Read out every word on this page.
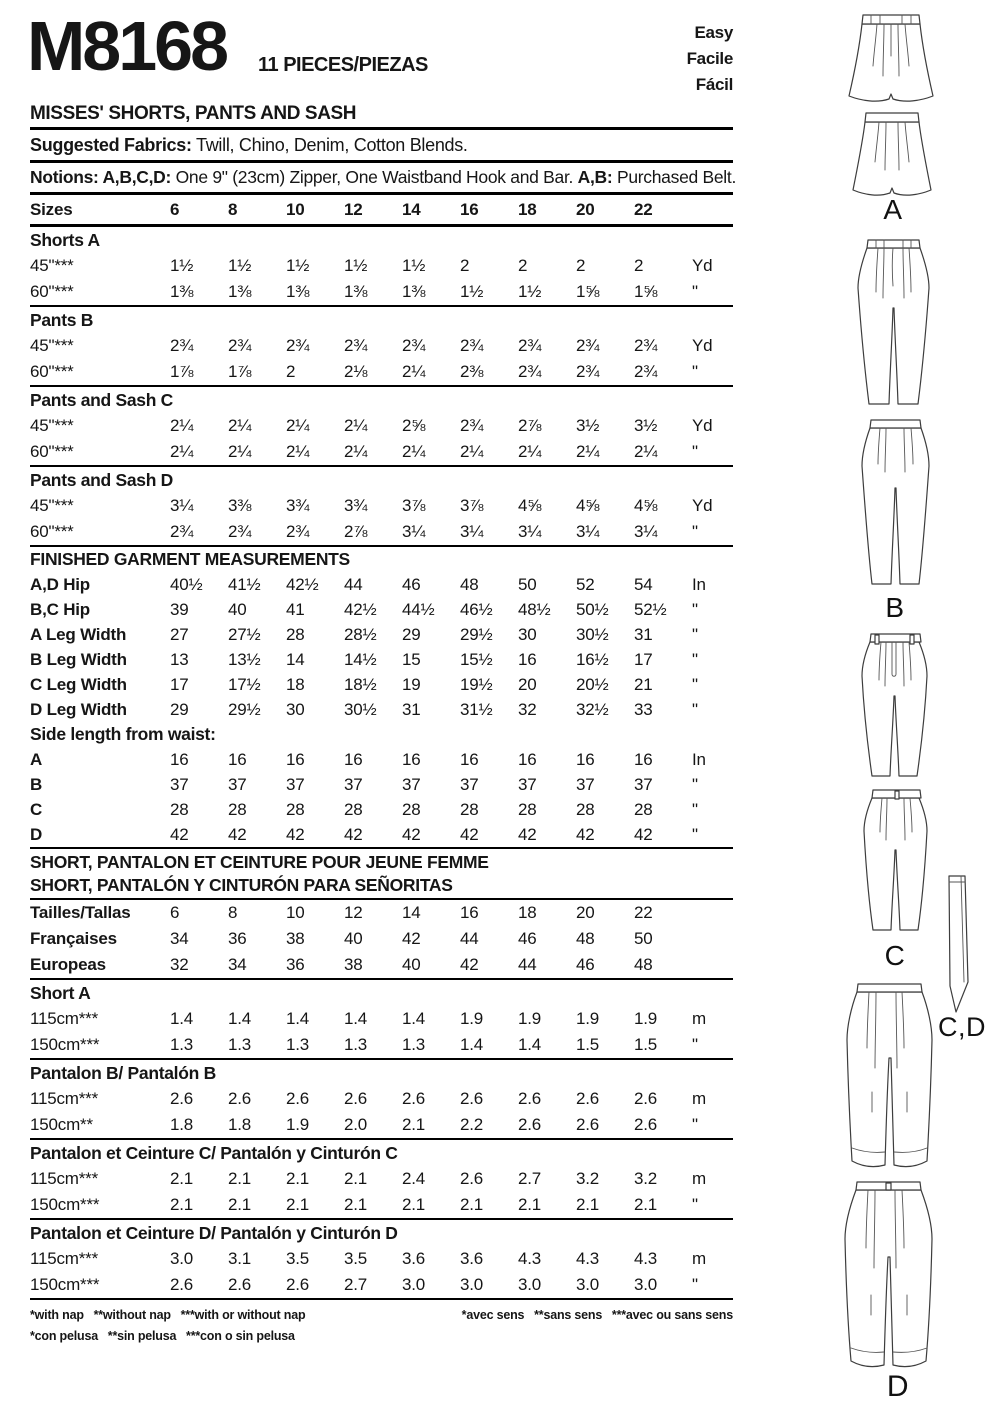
M8168 11 PIECES/PIEZAS
Easy
Facile
Fácil
MISSES' SHORTS, PANTS AND SASH
Suggested Fabrics: Twill, Chino, Denim, Cotton Blends.
Notions: A,B,C,D: One 9" (23cm) Zipper, One Waistband Hook and Bar. A,B: Purchased Belt.
Sizes	6	8	10	12	14	16	18	20	22
Shorts A
45"***	1½	1½	1½	1½	1½	2	2	2	2	Yd
60"***	1⅜	1⅜	1⅜	1⅜	1⅜	1½	1½	1⅝	1⅝	"
Pants B
45"***	2¾	2¾	2¾	2¾	2¾	2¾	2¾	2¾	2¾	Yd
60"***	1⅞	1⅞	2	2⅛	2¼	2⅜	2¾	2¾	2¾	"
Pants and Sash C
45"***	2¼	2¼	2¼	2¼	2⅝	2¾	2⅞	3½	3½	Yd
60"***	2¼	2¼	2¼	2¼	2¼	2¼	2¼	2¼	2¼	"
Pants and Sash D
45"***	3¼	3⅜	3¾	3¾	3⅞	3⅞	4⅝	4⅝	4⅝	Yd
60"***	2¾	2¾	2¾	2⅞	3¼	3¼	3¼	3¼	3¼	"
FINISHED GARMENT MEASUREMENTS
A,D Hip	40½	41½	42½	44	46	48	50	52	54	In
B,C Hip	39	40	41	42½	44½	46½	48½	50½	52½	"
A Leg Width	27	27½	28	28½	29	29½	30	30½	31	"
B Leg Width	13	13½	14	14½	15	15½	16	16½	17	"
C Leg Width	17	17½	18	18½	19	19½	20	20½	21	"
D Leg Width	29	29½	30	30½	31	31½	32	32½	33	"
Side length from waist:
A	16	16	16	16	16	16	16	16	16	In
B	37	37	37	37	37	37	37	37	37	"
C	28	28	28	28	28	28	28	28	28	"
D	42	42	42	42	42	42	42	42	42	"
SHORT, PANTALON ET CEINTURE POUR JEUNE FEMME
SHORT, PANTALÓN Y CINTURÓN PARA SEÑORITAS
Tailles/Tallas	6	8	10	12	14	16	18	20	22
Françaises	34	36	38	40	42	44	46	48	50
Europeas	32	34	36	38	40	42	44	46	48
Short A
115cm***	1.4	1.4	1.4	1.4	1.4	1.9	1.9	1.9	1.9	m
150cm***	1.3	1.3	1.3	1.3	1.3	1.4	1.4	1.5	1.5	"
Pantalon B/ Pantalón B
115cm***	2.6	2.6	2.6	2.6	2.6	2.6	2.6	2.6	2.6	m
150cm**	1.8	1.8	1.9	2.0	2.1	2.2	2.6	2.6	2.6	"
Pantalon et Ceinture C/ Pantalón y Cinturón C
115cm***	2.1	2.1	2.1	2.1	2.4	2.6	2.7	3.2	3.2	m
150cm***	2.1	2.1	2.1	2.1	2.1	2.1	2.1	2.1	2.1	"
Pantalon et Ceinture D/ Pantalón y Cinturón D
115cm***	3.0	3.1	3.5	3.5	3.6	3.6	4.3	4.3	4.3	m
150cm***	2.6	2.6	2.6	2.7	3.0	3.0	3.0	3.0	3.0	"
*with nap   **without nap   ***with or without nap	*avec sens   **sans sens   ***avec ou sans sens
*con pelusa   **sin pelusa   ***con o sin pelusa
A
B
C
C,D
D
